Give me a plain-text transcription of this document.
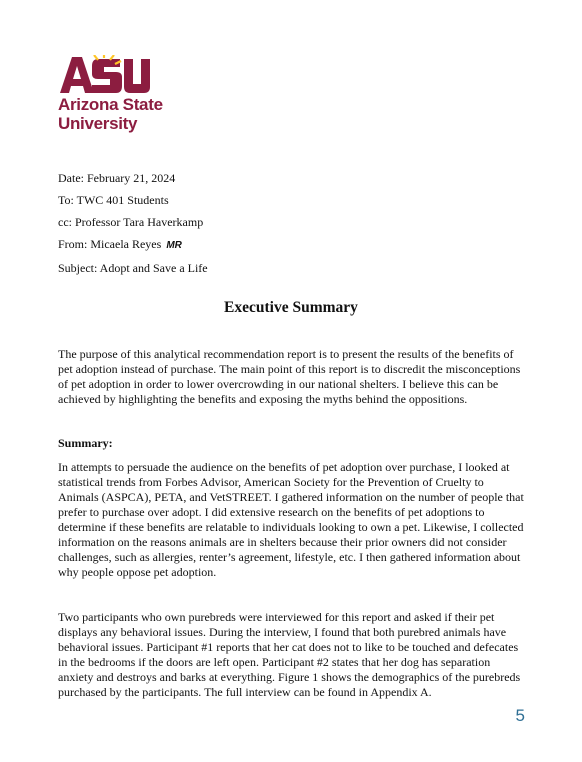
Arizona State
University
Date: February 21, 2024
To: TWC 401 Students
cc: Professor Tara Haverkamp
From: Micaela Reyes MR
Subject: Adopt and Save a Life
Executive Summary
The purpose of this analytical recommendation report is to present the results of the benefits of
pet adoption instead of purchase. The main point of this report is to discredit the misconceptions
of pet adoption in order to lower overcrowding in our national shelters. I believe this can be
achieved by highlighting the benefits and exposing the myths behind the oppositions.
Summary:
In attempts to persuade the audience on the benefits of pet adoption over purchase, I looked at
statistical trends from Forbes Advisor, American Society for the Prevention of Cruelty to
Animals (ASPCA), PETA, and VetSTREET. I gathered information on the number of people that
prefer to purchase over adopt. I did extensive research on the benefits of pet adoptions to
determine if these benefits are relatable to individuals looking to own a pet. Likewise, I collected
information on the reasons animals are in shelters because their prior owners did not consider
challenges, such as allergies, renter’s agreement, lifestyle, etc. I then gathered information about
why people oppose pet adoption.
Two participants who own purebreds were interviewed for this report and asked if their pet
displays any behavioral issues. During the interview, I found that both purebred animals have
behavioral issues. Participant #1 reports that her cat does not to like to be touched and defecates
in the bedrooms if the doors are left open. Participant #2 states that her dog has separation
anxiety and destroys and barks at everything. Figure 1 shows the demographics of the purebreds
purchased by the participants. The full interview can be found in Appendix A.
5
